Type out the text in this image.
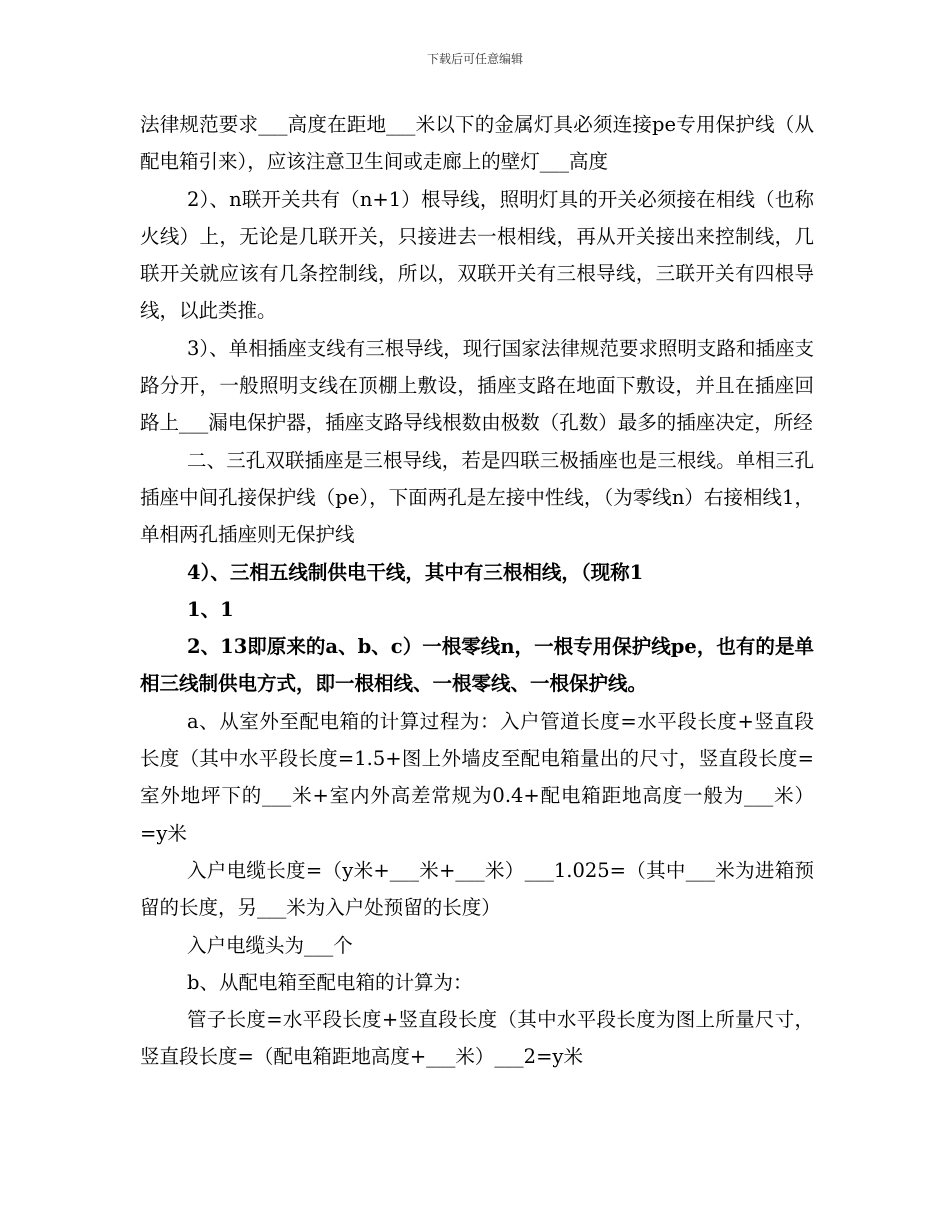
下载后可任意编辑

法律规范要求___高度在距地___米以下的金属灯具必须连接pe专用保护线（从配电箱引来），应该注意卫生间或走廊上的壁灯___高度

2）、n联开关共有（n+1）根导线，照明灯具的开关必须接在相线（也称火线）上，无论是几联开关，只接进去一根相线，再从开关接出来控制线，几联开关就应该有几条控制线，所以，双联开关有三根导线，三联开关有四根导线，以此类推。

3）、单相插座支线有三根导线，现行国家法律规范要求照明支路和插座支路分开，一般照明支线在顶棚上敷设，插座支路在地面下敷设，并且在插座回路上___漏电保护器，插座支路导线根数由极数（孔数）最多的插座决定，所经

二、三孔双联插座是三根导线，若是四联三极插座也是三根线。单相三孔插座中间孔接保护线（pe），下面两孔是左接中性线，（为零线n）右接相线1，单相两孔插座则无保护线

4）、三相五线制供电干线，其中有三根相线，（现称1

1、1

2、13即原来的a、b、c）一根零线n，一根专用保护线pe，也有的是单相三线制供电方式，即一根相线、一根零线、一根保护线。

a、从室外至配电箱的计算过程为：入户管道长度=水平段长度+竖直段长度（其中水平段长度=1.5+图上外墙皮至配电箱量出的尺寸，竖直段长度=室外地坪下的___米+室内外高差常规为0.4+配电箱距地高度一般为___米）=y米

入户电缆长度=（y米+___米+___米）___1.025=（其中___米为进箱预留的长度，另___米为入户处预留的长度）

入户电缆头为___个

b、从配电箱至配电箱的计算为：

管子长度=水平段长度+竖直段长度（其中水平段长度为图上所量尺寸，竖直段长度=（配电箱距地高度+___米）___2=y米
